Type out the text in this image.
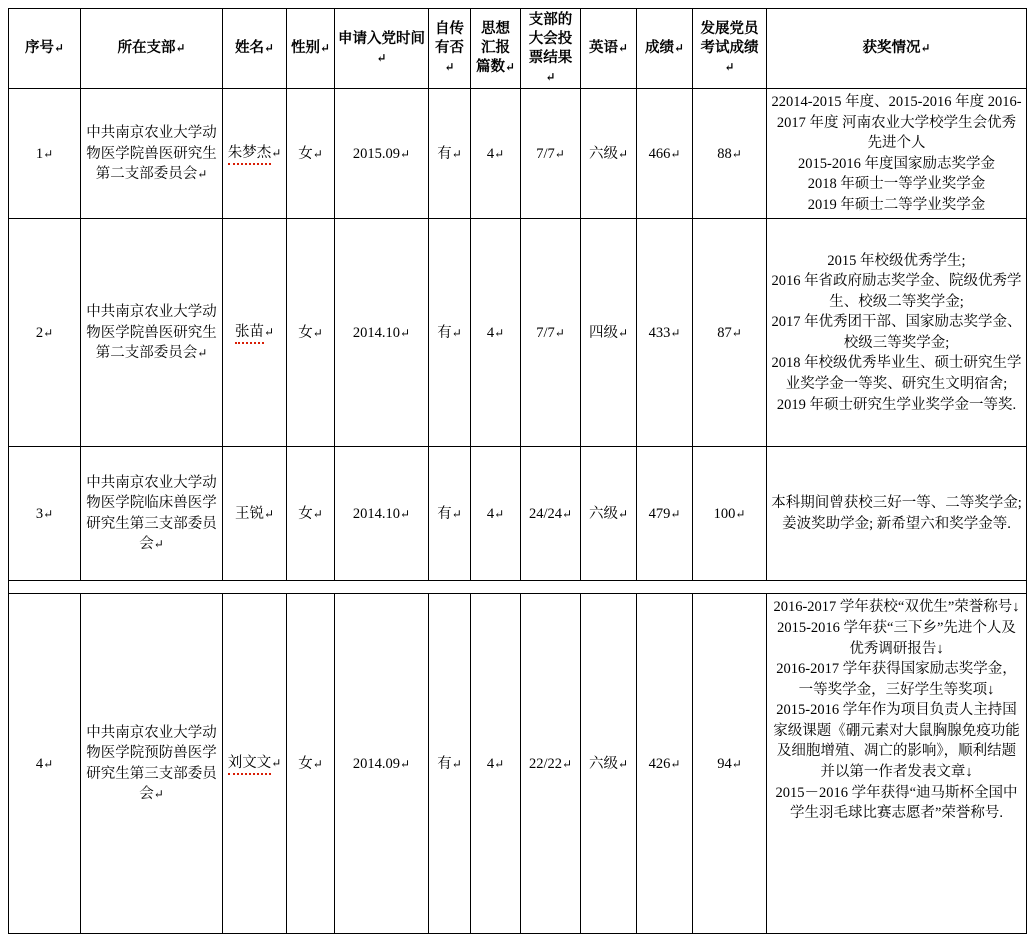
序号↵	所在支部↵	姓名↵	性别↵	申请入党时间↵	自传有否↵	思想汇报篇数↵	支部的大会投票结果↵	英语↵	成绩↵	发展党员考试成绩↵	获奖情况↵
1↵	中共南京农业大学动物医学院兽医研究生第二支部委员会↵	朱梦杰↵	女↵	2015.09↵	有↵	4↵	7/7↵	六级↵	466↵	88↵	22014-2015 年度、2015-2016 年度 2016-2017 年度 河南农业大学校学生会优秀先进个人
2015-2016 年度国家励志奖学金
2018 年硕士一等学业奖学金
2019 年硕士二等学业奖学金

2↵	中共南京农业大学动物医学院兽医研究生第二支部委员会↵	张苗↵	女↵	2014.10↵	有↵	4↵	7/7↵	四级↵	433↵	87↵	2015 年校级优秀学生;
2016 年省政府励志奖学金、院级优秀学生、校级二等奖学金;
2017 年优秀团干部、国家励志奖学金、校级三等奖学金;
2018 年校级优秀毕业生、硕士研究生学业奖学金一等奖、研究生文明宿舍;
2019 年硕士研究生学业奖学金一等奖.

3↵	中共南京农业大学动物医学院临床兽医学研究生第三支部委员会↵	王锐↵	女↵	2014.10↵	有↵	4↵	24/24↵	六级↵	479↵	100↵	本科期间曾获校三好一等、二等奖学金; 姜波奖助学金; 新希望六和奖学金等.

4↵	中共南京农业大学动物医学院预防兽医学研究生第三支部委员会↵	刘文文↵	女↵	2014.09↵	有↵	4↵	22/22↵	六级↵	426↵	94↵	2016-2017 学年获校“双优生”荣誉称号↓
2015-2016 学年获“三下乡”先进个人及优秀调研报告↓
2016-2017 学年获得国家励志奖学金，一等奖学金，三好学生等奖项↓
2015-2016 学年作为项目负责人主持国家级课题《硼元素对大鼠胸腺免疫功能及细胞增殖、凋亡的影响》，顺利结题并以第一作者发表文章↓
2015－2016 学年获得“迪马斯杯全国中学生羽毛球比赛志愿者”荣誉称号.
